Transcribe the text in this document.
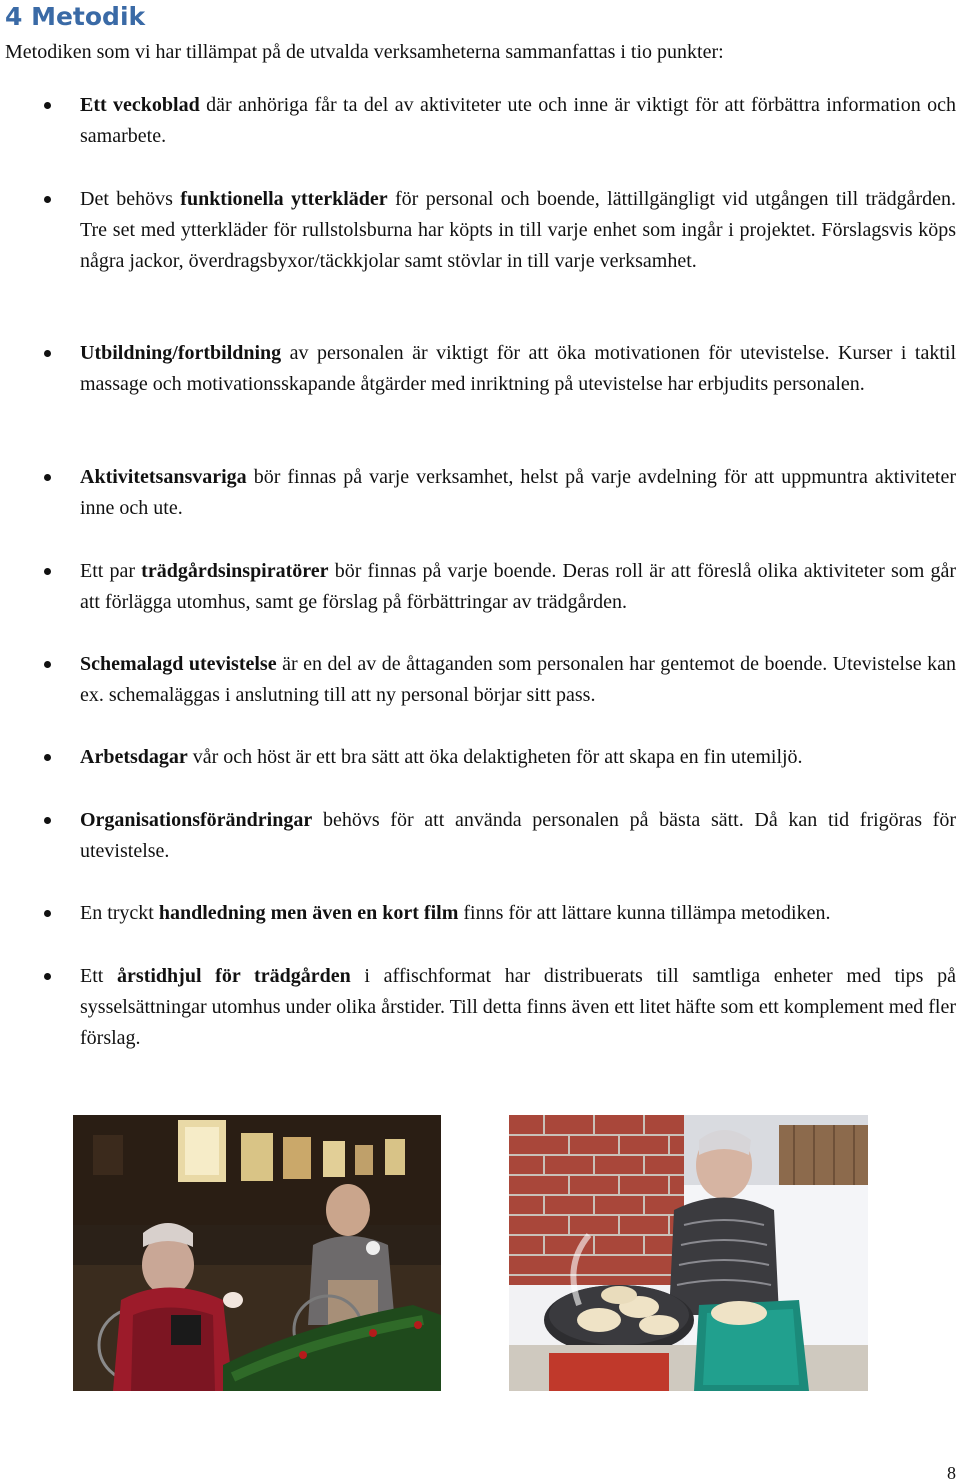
4 Metodik

Metodiken som vi har tillämpat på de utvalda verksamheterna sammanfattas i tio punkter:

Ett veckoblad där anhöriga får ta del av aktiviteter ute och inne är viktigt för att förbättra information och samarbete.
Det behövs funktionella ytterkläder för personal och boende, lättillgängligt vid utgången till trädgården. Tre set med ytterkläder för rullstolsburna har köpts in till varje enhet som ingår i projektet. Förslagsvis köps några jackor, överdragsbyxor/täckkjolar samt stövlar in till varje verksamhet.
Utbildning/fortbildning av personalen är viktigt för att öka motivationen för utevistelse. Kurser i taktil massage och motivationsskapande åtgärder med inriktning på utevistelse har erbjudits personalen.
Aktivitetsansvariga bör finnas på varje verksamhet, helst på varje avdelning för att uppmuntra aktiviteter inne och ute.
Ett par trädgårdsinspiratörer bör finnas på varje boende. Deras roll är att föreslå olika aktiviteter som går att förlägga utomhus, samt ge förslag på förbättringar av trädgården.
Schemalagd utevistelse är en del av de åttaganden som personalen har gentemot de boende. Utevistelse kan ex. schemaläggas i anslutning till att ny personal börjar sitt pass.
Arbetsdagar vår och höst är ett bra sätt att öka delaktigheten för att skapa en fin utemiljö.
Organisationsförändringar behövs för att använda personalen på bästa sätt. Då kan tid frigöras för utevistelse.
En tryckt handledning men även en kort film finns för att lättare kunna tillämpa metodiken.
Ett årstidhjul för trädgården i affischformat har distribuerats till samtliga enheter med tips på sysselsättningar utomhus under olika årstider. Till detta finns även ett litet häfte som ett komplement med fler förslag.
8
